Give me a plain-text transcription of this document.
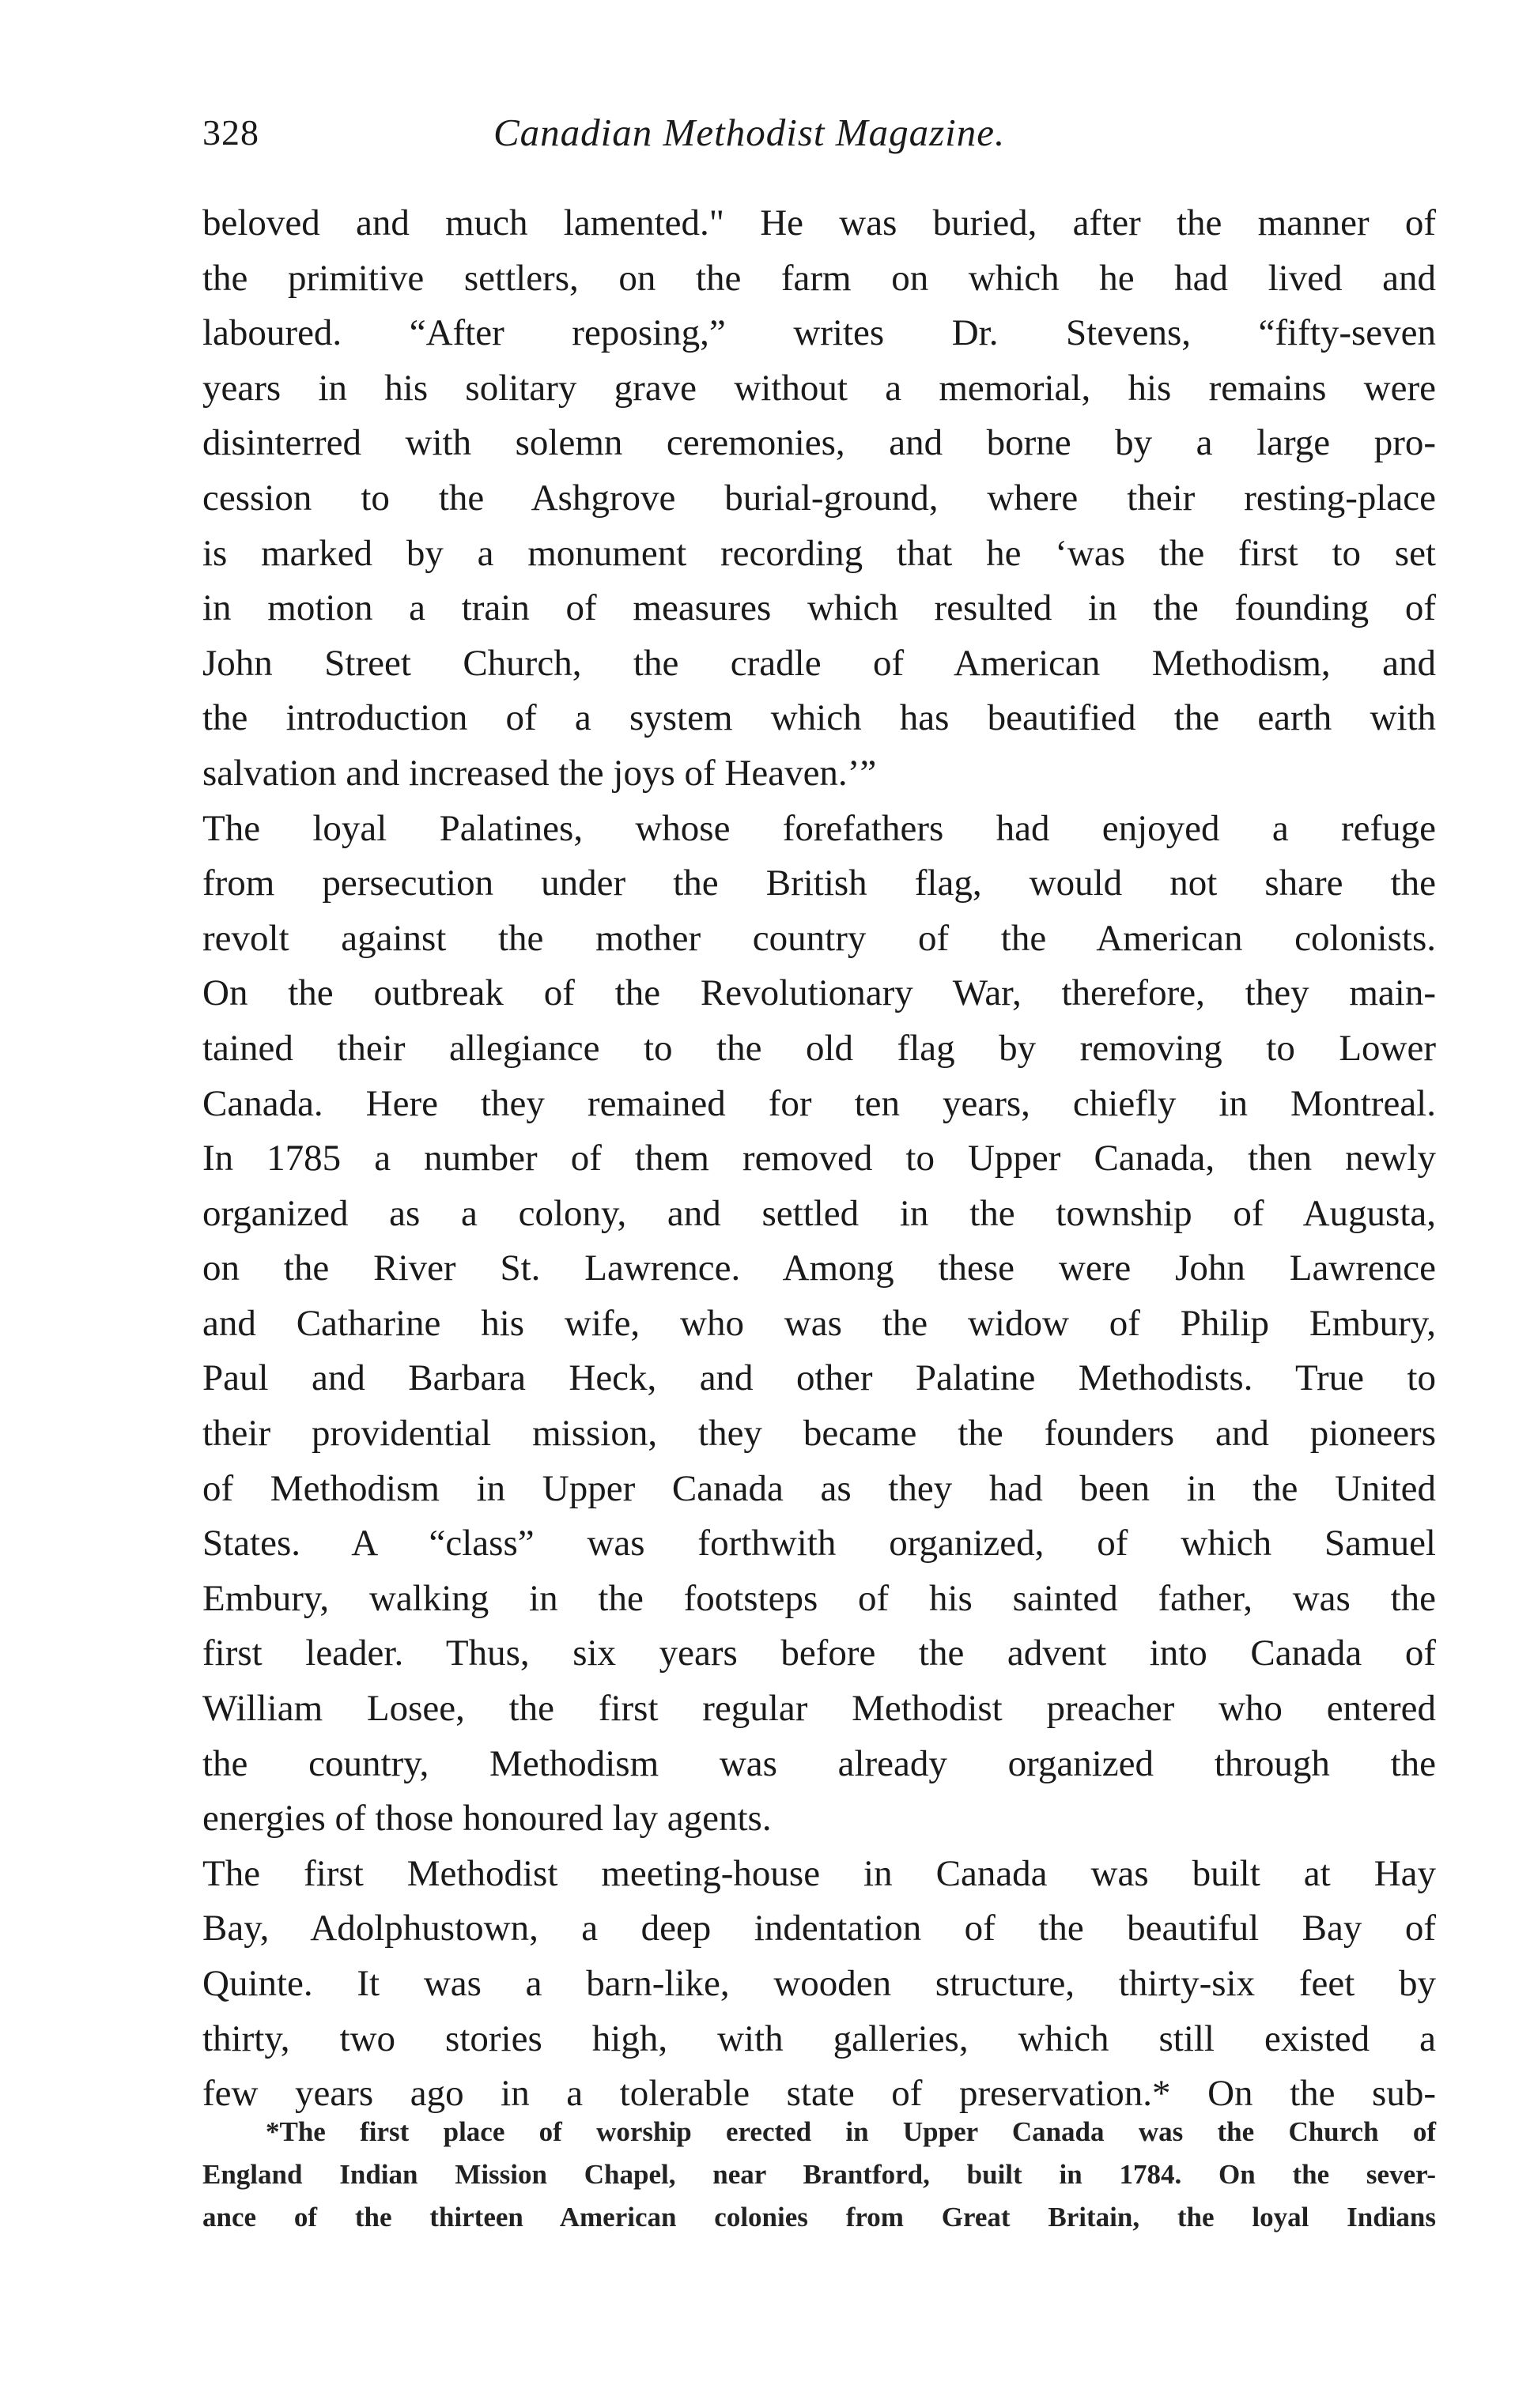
328	Canadian Methodist Magazine.
beloved and much lamented." He was buried, after the manner of
the primitive settlers, on the farm on which he had lived and
laboured. “After reposing,” writes Dr. Stevens, “fifty-seven
years in his solitary grave without a memorial, his remains were
disinterred with solemn ceremonies, and borne by a large pro-
cession to the Ashgrove burial-ground, where their resting-place
is marked by a monument recording that he ‘was the first to set
in motion a train of measures which resulted in the founding of
John Street Church, the cradle of American Methodism, and
the introduction of a system which has beautified the earth with
salvation and increased the joys of Heaven.’”
The loyal Palatines, whose forefathers had enjoyed a refuge
from persecution under the British flag, would not share the
revolt against the mother country of the American colonists.
On the outbreak of the Revolutionary War, therefore, they main-
tained their allegiance to the old flag by removing to Lower
Canada. Here they remained for ten years, chiefly in Montreal.
In 1785 a number of them removed to Upper Canada, then newly
organized as a colony, and settled in the township of Augusta,
on the River St. Lawrence. Among these were John Lawrence
and Catharine his wife, who was the widow of Philip Embury,
Paul and Barbara Heck, and other Palatine Methodists. True to
their providential mission, they became the founders and pioneers
of Methodism in Upper Canada as they had been in the United
States. A “class” was forthwith organized, of which Samuel
Embury, walking in the footsteps of his sainted father, was the
first leader. Thus, six years before the advent into Canada of
William Losee, the first regular Methodist preacher who entered
the country, Methodism was already organized through the
energies of those honoured lay agents.
The first Methodist meeting-house in Canada was built at Hay
Bay, Adolphustown, a deep indentation of the beautiful Bay of
Quinte. It was a barn-like, wooden structure, thirty-six feet by
thirty, two stories high, with galleries, which still existed a
few years ago in a tolerable state of preservation.* On the sub-
*The first place of worship erected in Upper Canada was the Church of
England Indian Mission Chapel, near Brantford, built in 1784. On the sever-
ance of the thirteen American colonies from Great Britain, the loyal Indians
